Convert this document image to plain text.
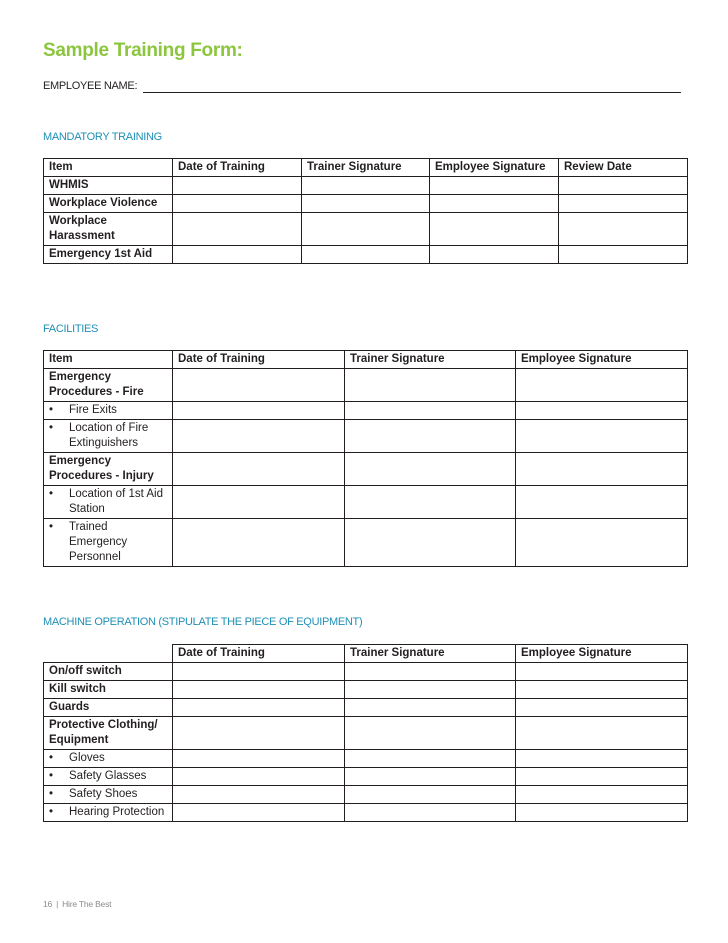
Sample Training Form:
EMPLOYEE NAME:
MANDATORY TRAINING
Item	Date of Training	Trainer Signature	Employee Signature	Review Date
WHMIS				
Workplace Violence				
Workplace Harassment				
Emergency 1st Aid				
FACILITIES
Item	Date of Training	Trainer Signature	Employee Signature
Emergency Procedures - Fire			

• Fire Exits			

• Location of Fire Extinguishers			

Emergency Procedures - Injury			

• Location of 1st Aid Station			

• Trained Emergency Personnel			

MACHINE OPERATION (STIPULATE THE PIECE OF EQUIPMENT)
	Date of Training	Trainer Signature	Employee Signature
On/off switch			
Kill switch			
Guards			
Protective Clothing/ Equipment			

• Gloves			

• Safety Glasses			

• Safety Shoes			

• Hearing Protection			

16 | Hire The Best
